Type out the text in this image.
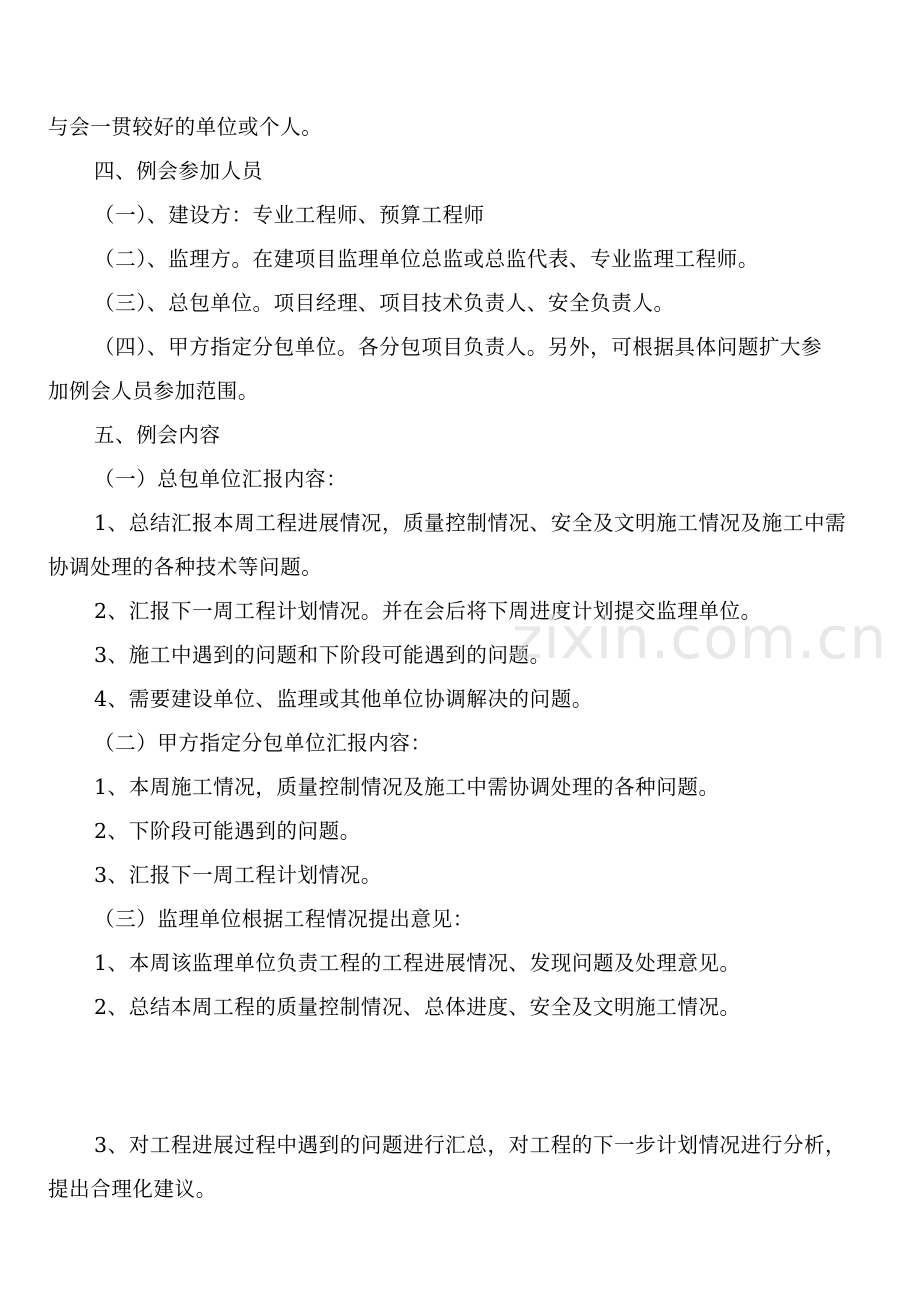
与会一贯较好的单位或个人。
四、例会参加人员
（一）、建设方：专业工程师、预算工程师
（二）、监理方。在建项目监理单位总监或总监代表、专业监理工程师。
（三）、总包单位。项目经理、项目技术负责人、安全负责人。
（四）、甲方指定分包单位。各分包项目负责人。另外，可根据具体问题扩大参
加例会人员参加范围。
五、例会内容
（一）总包单位汇报内容：
1、总结汇报本周工程进展情况，质量控制情况、安全及文明施工情况及施工中需
协调处理的各种技术等问题。
2、汇报下一周工程计划情况。并在会后将下周进度计划提交监理单位。
3、施工中遇到的问题和下阶段可能遇到的问题。
4、需要建设单位、监理或其他单位协调解决的问题。
（二）甲方指定分包单位汇报内容：
1、本周施工情况，质量控制情况及施工中需协调处理的各种问题。
2、下阶段可能遇到的问题。
3、汇报下一周工程计划情况。
（三）监理单位根据工程情况提出意见：
1、本周该监理单位负责工程的工程进展情况、发现问题及处理意见。
2、总结本周工程的质量控制情况、总体进度、安全及文明施工情况。
3、对工程进展过程中遇到的问题进行汇总，对工程的下一步计划情况进行分析，
提出合理化建议。
zixin.com.cn
